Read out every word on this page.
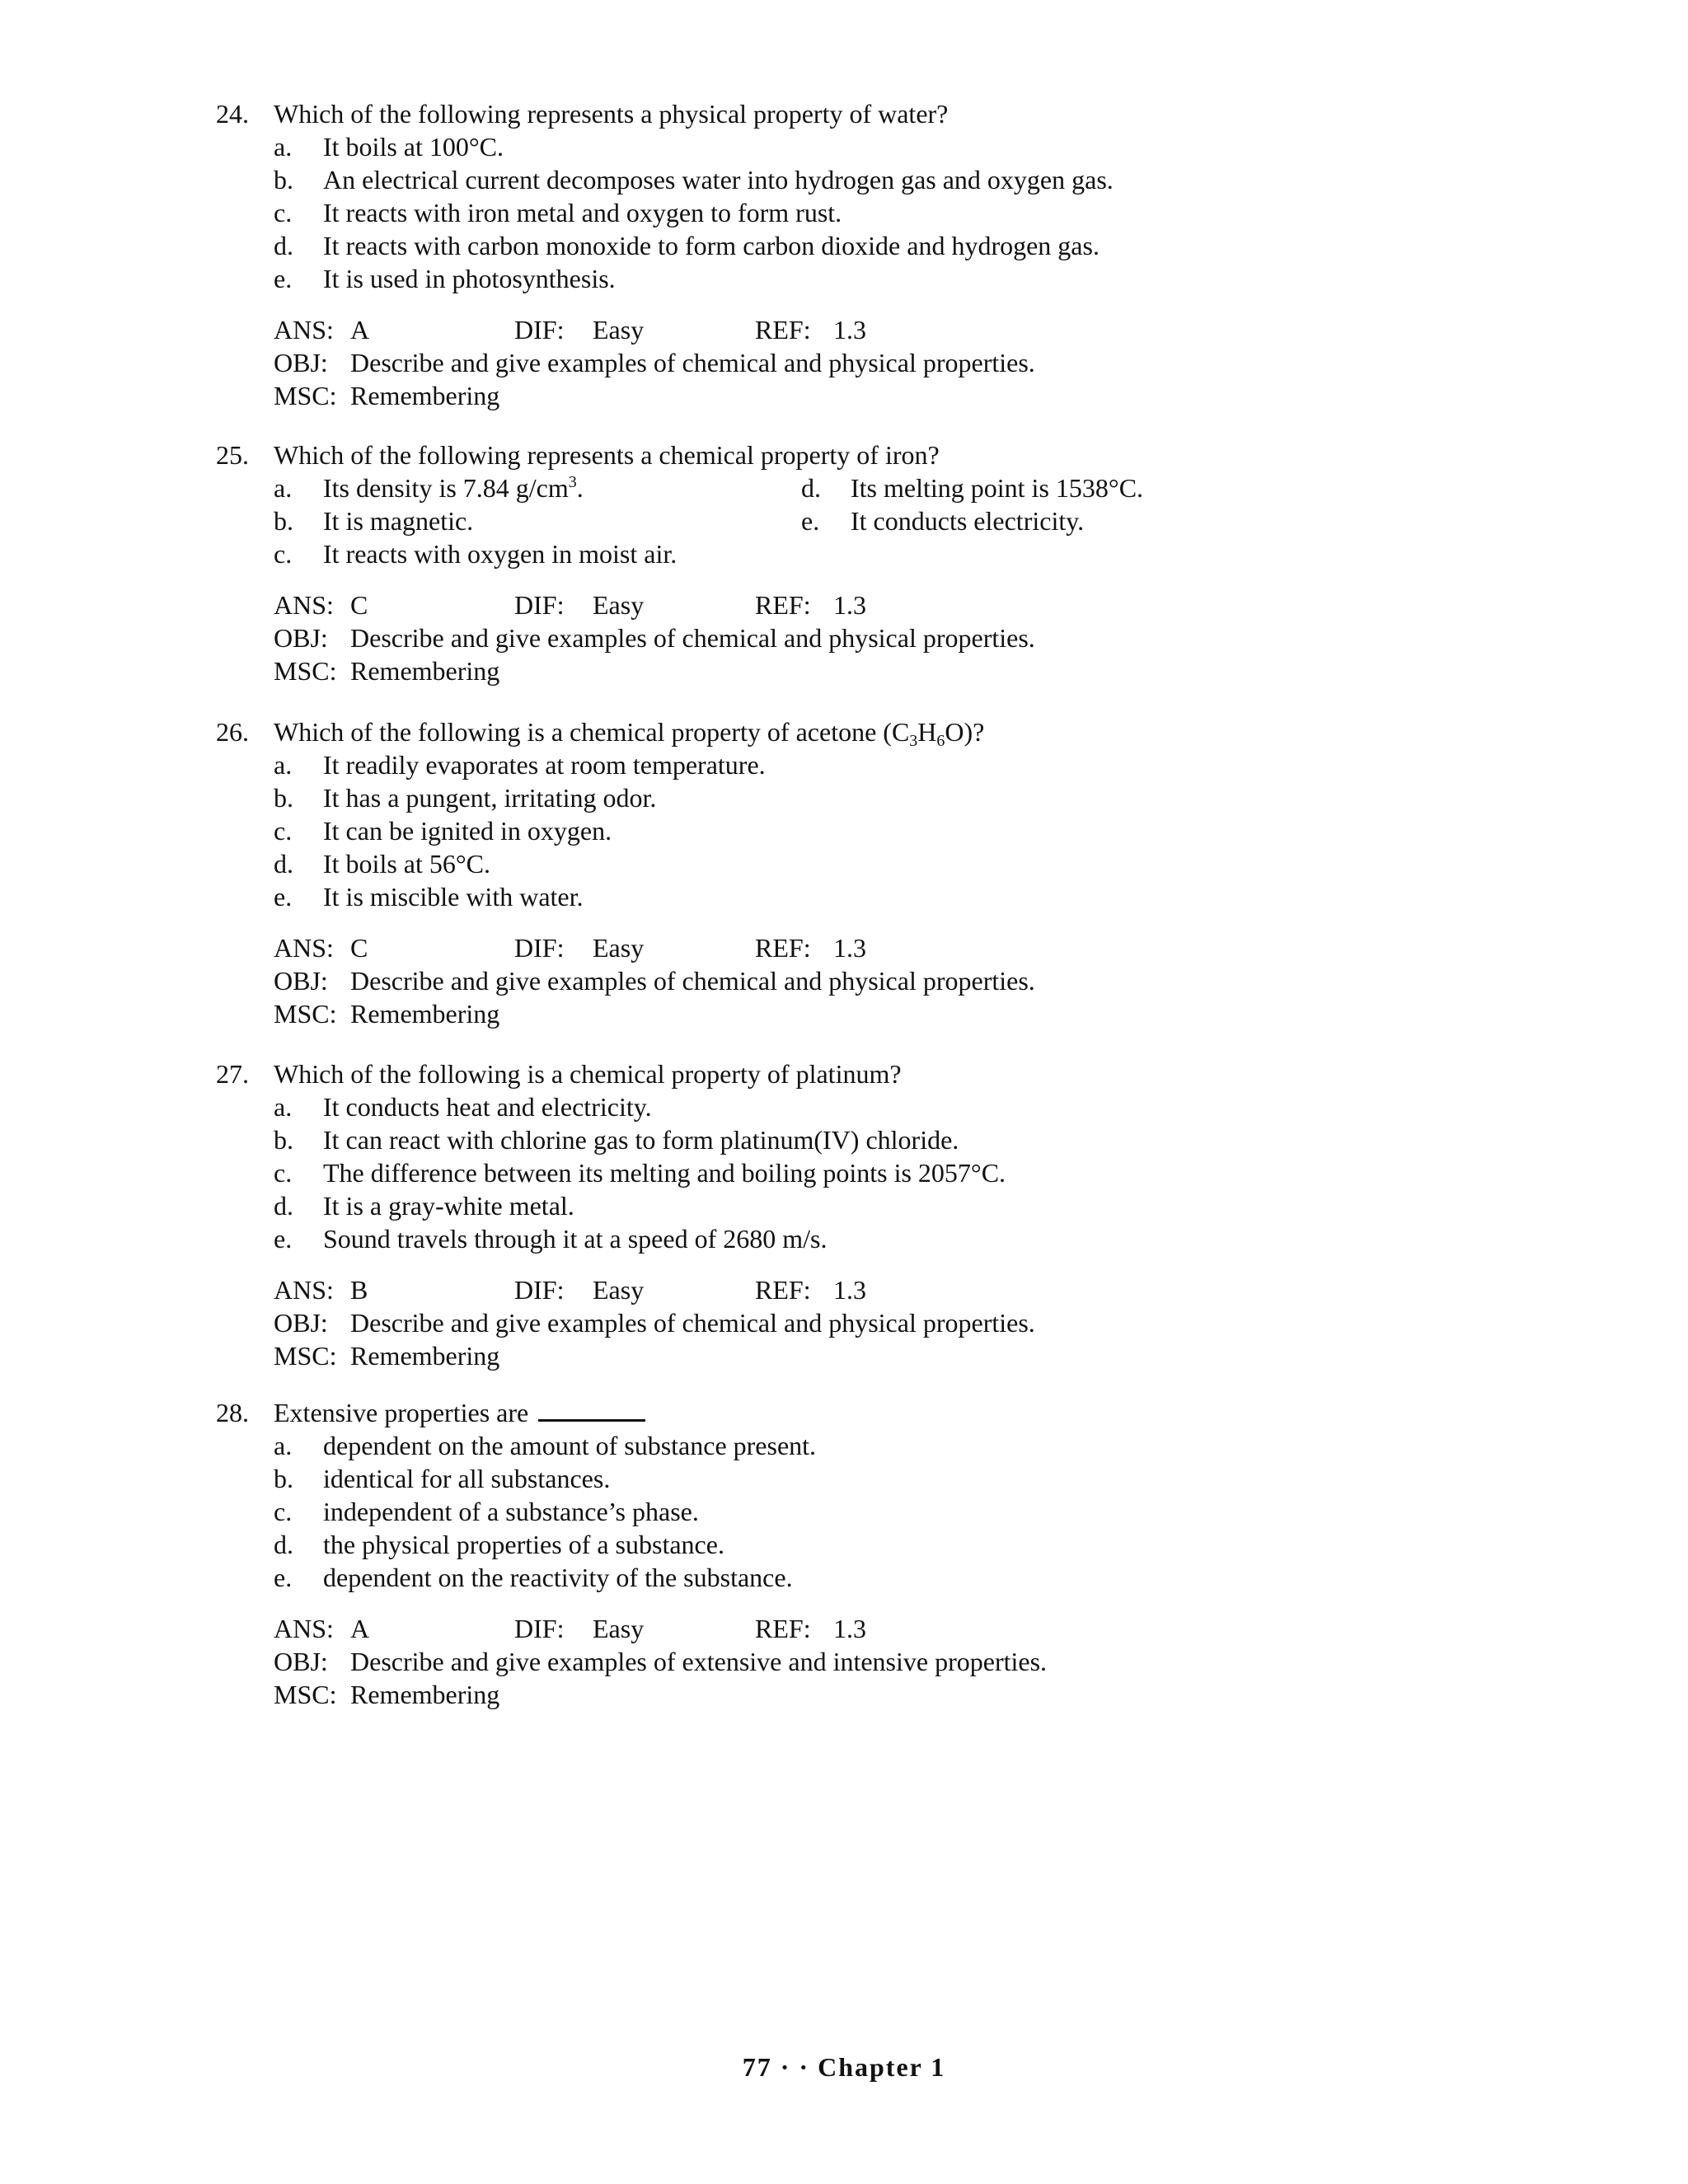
24. Which of the following represents a physical property of water?
a.	It boils at 100°C.
b.	An electrical current decomposes water into hydrogen gas and oxygen gas.
c.	It reacts with iron metal and oxygen to form rust.
d.	It reacts with carbon monoxide to form carbon dioxide and hydrogen gas.
e.	It is used in photosynthesis.
ANS: A	DIF:	Easy	REF: 1.3
OBJ: Describe and give examples of chemical and physical properties.
MSC: Remembering
25. Which of the following represents a chemical property of iron?
a.	Its density is 7.84 $g/cm^3$.	d.	Its melting point is 1538°C.
b.	It is magnetic.	e.	It conducts electricity.
c.	It reacts with oxygen in moist air.
ANS: C	DIF:	Easy	REF: 1.3
OBJ: Describe and give examples of chemical and physical properties.
MSC: Remembering
26. Which of the following is a chemical property of acetone $(C_3H_6O)$?
a.	It readily evaporates at room temperature.
b.	It has a pungent, irritating odor.
c.	It can be ignited in oxygen.
d.	It boils at 56°C.
e.	It is miscible with water.
ANS: C	DIF:	Easy	REF: 1.3
OBJ: Describe and give examples of chemical and physical properties.
MSC: Remembering
27. Which of the following is a chemical property of platinum?
a.	It conducts heat and electricity.
b.	It can react with chlorine gas to form platinum(IV) chloride.
c.	The difference between its melting and boiling points is 2057°C.
d.	It is a gray-white metal.
e.	Sound travels through it at a speed of 2680 m/s.
ANS: B	DIF:	Easy	REF: 1.3
OBJ: Describe and give examples of chemical and physical properties.
MSC: Remembering
28. Extensive properties are
a.	dependent on the amount of substance present.
b.	identical for all substances.
c.	independent of a substance’s phase.
d.	the physical properties of a substance.
e.	dependent on the reactivity of the substance.
ANS: A	DIF:	Easy	REF: 1.3
OBJ: Describe and give examples of extensive and intensive properties.
MSC: Remembering
77 · · Chapter 1
